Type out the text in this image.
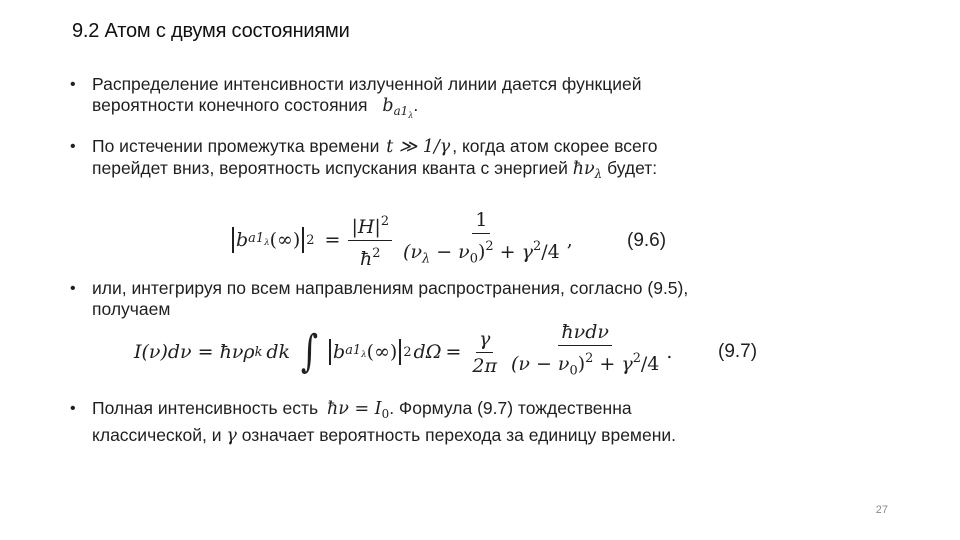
9.2 Атом с двумя состояниями
• Распределение интенсивности излученной линии дается функцией
вероятности конечного состояния $b_{a1_\lambda}$.
• По истечении промежутка времени t ≫ 1/γ , когда атом скорее всего
перейдет вниз, вероятность испускания кванта с энергией $ħ\nu_\lambda$ будет:
b $a1_\lambda$ (∞) $2 = \frac{|H|^2}{ħ^2} \frac{1}{(\nu_\lambda - \nu_0)^2 + \gamma^2/4}$ ,	(9.6)
• или, интегрируя по всем направлениям распространения, согласно (9.5),
получаем
I(ν)dν = ħνρ k dk ∫ b $a1_\lambda$ (∞) 2 $d\Omega = \frac{\gamma}{2\pi} \frac{\text{ħνdν}}{(\nu - \nu_0)^2 + \gamma^2/4}$ . (9.7)
• Полная интенсивность есть ħν = $I_0$. Формула (9.7) тождественна
классической, и γ означает вероятность перехода за единицу времени.
27
